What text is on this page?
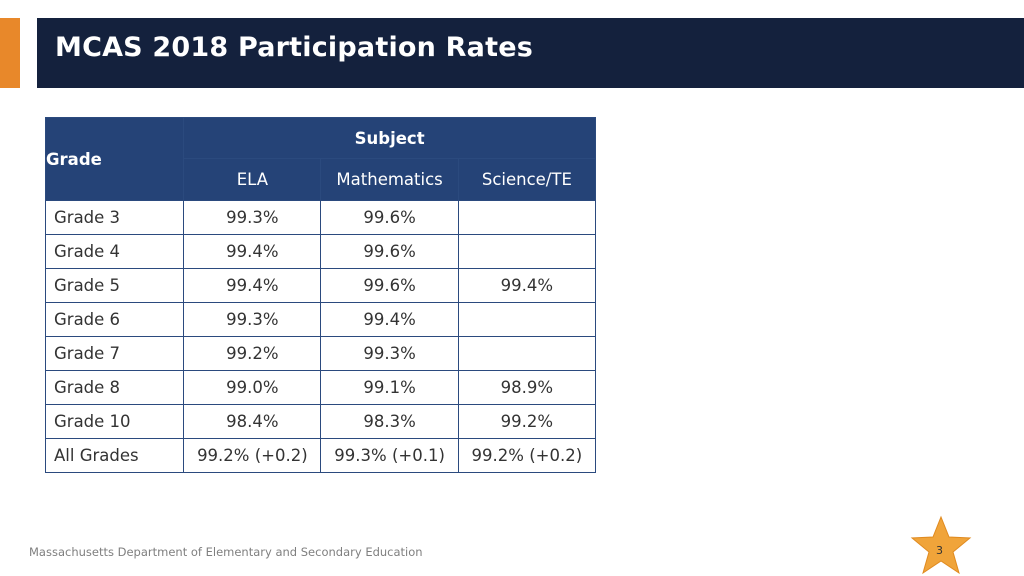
MCAS 2018 Participation Rates
Grade	Subject		
	ELA	Mathematics	Science/TE
Grade 3	99.3%	99.6%	
Grade 4	99.4%	99.6%	
Grade 5	99.4%	99.6%	99.4%
Grade 6	99.3%	99.4%	
Grade 7	99.2%	99.3%	
Grade 8	99.0%	99.1%	98.9%
Grade 10	98.4%	98.3%	99.2%
All Grades	99.2% (+0.2)	99.3% (+0.1)	99.2% (+0.2)
Massachusetts Department of Elementary and Secondary Education	3
